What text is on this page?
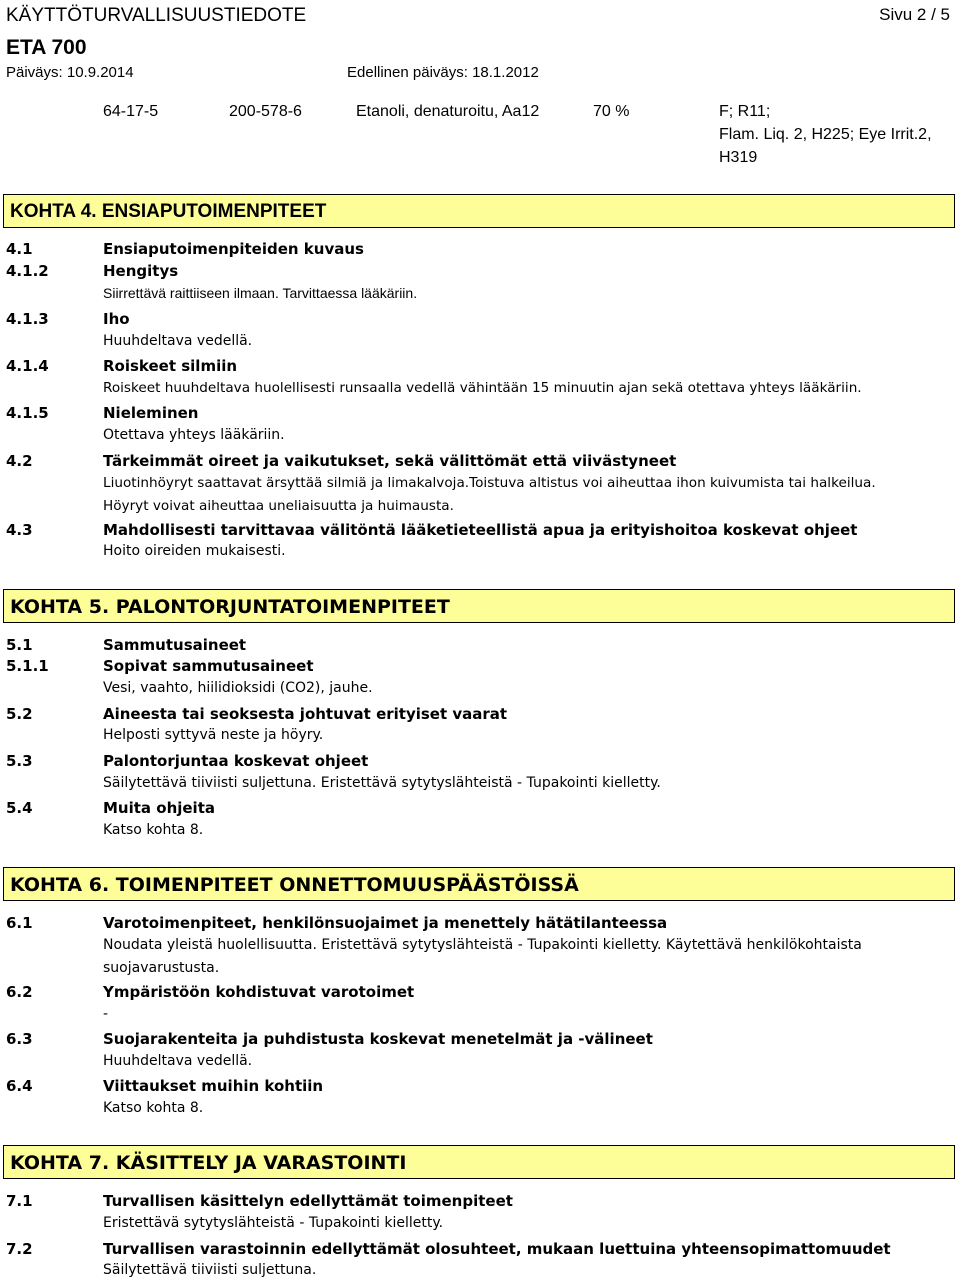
KÄYTTÖTURVALLISUUSTIEDOTE	Sivu 2 / 5
ETA 700
Päiväys: 10.9.2014	Edellinen päiväys: 18.1.2012
64-17-5	200-578-6	Etanoli, denaturoitu, Aa12	70 %	F; R11;
Flam. Liq. 2, H225; Eye Irrit.2,
H319
KOHTA 4. ENSIAPUTOIMENPITEET
4.1	Ensiaputoimenpiteiden kuvaus
4.1.2	Hengitys
Siirrettävä raittiiseen ilmaan. Tarvittaessa lääkäriin.
4.1.3	Iho
Huuhdeltava vedellä.
4.1.4	Roiskeet silmiin
Roiskeet huuhdeltava huolellisesti runsaalla vedellä vähintään 15 minuutin ajan sekä otettava yhteys lääkäriin.
4.1.5	Nieleminen
Otettava yhteys lääkäriin.
4.2	Tärkeimmät oireet ja vaikutukset, sekä välittömät että viivästyneet
Liuotinhöyryt saattavat ärsyttää silmiä ja limakalvoja.Toistuva altistus voi aiheuttaa ihon kuivumista tai halkeilua.
Höyryt voivat aiheuttaa uneliaisuutta ja huimausta.
4.3	Mahdollisesti tarvittavaa välitöntä lääketieteellistä apua ja erityishoitoa koskevat ohjeet
Hoito oireiden mukaisesti.
KOHTA 5. PALONTORJUNTATOIMENPITEET
5.1	Sammutusaineet
5.1.1	Sopivat sammutusaineet
Vesi, vaahto, hiilidioksidi (CO2), jauhe.
5.2	Aineesta tai seoksesta johtuvat erityiset vaarat
Helposti syttyvä neste ja höyry.
5.3	Palontorjuntaa koskevat ohjeet
Säilytettävä tiiviisti suljettuna. Eristettävä sytytyslähteistä - Tupakointi kielletty.
5.4	Muita ohjeita
Katso kohta 8.
KOHTA 6. TOIMENPITEET ONNETTOMUUSPÄÄSTÖISSÄ
6.1	Varotoimenpiteet, henkilönsuojaimet ja menettely hätätilanteessa
Noudata yleistä huolellisuutta. Eristettävä sytytyslähteistä - Tupakointi kielletty. Käytettävä henkilökohtaista suojavarustusta.
6.2	Ympäristöön kohdistuvat varotoimet
-
6.3	Suojarakenteita ja puhdistusta koskevat menetelmät ja -välineet
Huuhdeltava vedellä.
6.4	Viittaukset muihin kohtiin
Katso kohta 8.
KOHTA 7. KÄSITTELY JA VARASTOINTI
7.1	Turvallisen käsittelyn edellyttämät toimenpiteet
Eristettävä sytytyslähteistä - Tupakointi kielletty.
7.2	Turvallisen varastoinnin edellyttämät olosuhteet, mukaan luettuina yhteensopimattomuudet
Säilytettävä tiiviisti suljettuna.
